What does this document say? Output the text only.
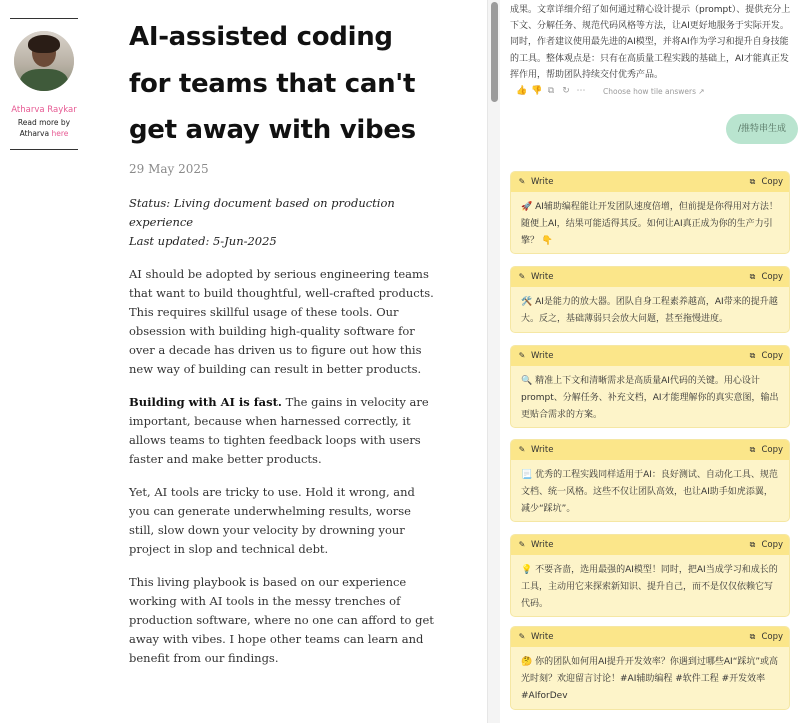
Atharva Raykar
Read more by Atharva here
AI-assisted coding for teams that can't get away with vibes
29 May 2025
Status: Living document based on production experience
Last updated: 5-Jun-2025

AI should be adopted by serious engineering teams that want to build thoughtful, well-crafted products. This requires skillful usage of these tools. Our obsession with building high-quality software for over a decade has driven us to figure out how this new way of building can result in better products.

Building with AI is fast. The gains in velocity are important, because when harnessed correctly, it allows teams to tighten feedback loops with users faster and make better products.

Yet, AI tools are tricky to use. Hold it wrong, and you can generate underwhelming results, worse still, slow down your velocity by drowning your project in slop and technical debt.

This living playbook is based on our experience working with AI tools in the messy trenches of production software, where no one can afford to get away with vibes. I hope other teams can learn and benefit from our findings.

成果。文章详细介绍了如何通过精心设计提示（prompt）、提供充分上下文、分解任务、规范代码风格等方法，让AI更好地服务于实际开发。同时，作者建议使用最先进的AI模型，并将AI作为学习和提升自身技能的工具。整体观点是：只有在高质量工程实践的基础上，AI才能真正发挥作用，帮助团队持续交付优秀产品。
👍 👎 ⧉ ↻ ⋯ Choose how tile answers ↗
/推特串生成
✎ Write	⧉ Copy
🚀 AI辅助编程能让开发团队速度倍增，但前提是你得用对方法！随便上AI，结果可能适得其反。如何让AI真正成为你的生产力引擎？ 👇
✎ Write	⧉ Copy
🛠️ AI是能力的放大器。团队自身工程素养越高，AI带来的提升越大。反之，基础薄弱只会放大问题，甚至拖慢进度。
✎ Write	⧉ Copy
🔍 精准上下文和清晰需求是高质量AI代码的关键。用心设计prompt、分解任务、补充文档，AI才能理解你的真实意图，输出更贴合需求的方案。
✎ Write	⧉ Copy
📃 优秀的工程实践同样适用于AI：良好测试、自动化工具、规范文档、统一风格。这些不仅让团队高效，也让AI助手如虎添翼，减少“踩坑”。
✎ Write	⧉ Copy
💡 不要吝啬，选用最强的AI模型！同时，把AI当成学习和成长的工具，主动用它来探索新知识、提升自己，而不是仅仅依赖它写代码。
✎ Write	⧉ Copy
🤔 你的团队如何用AI提升开发效率？你遇到过哪些AI“踩坑”或高光时刻？欢迎留言讨论！#AI辅助编程 #软件工程 #开发效率 #AIforDev
